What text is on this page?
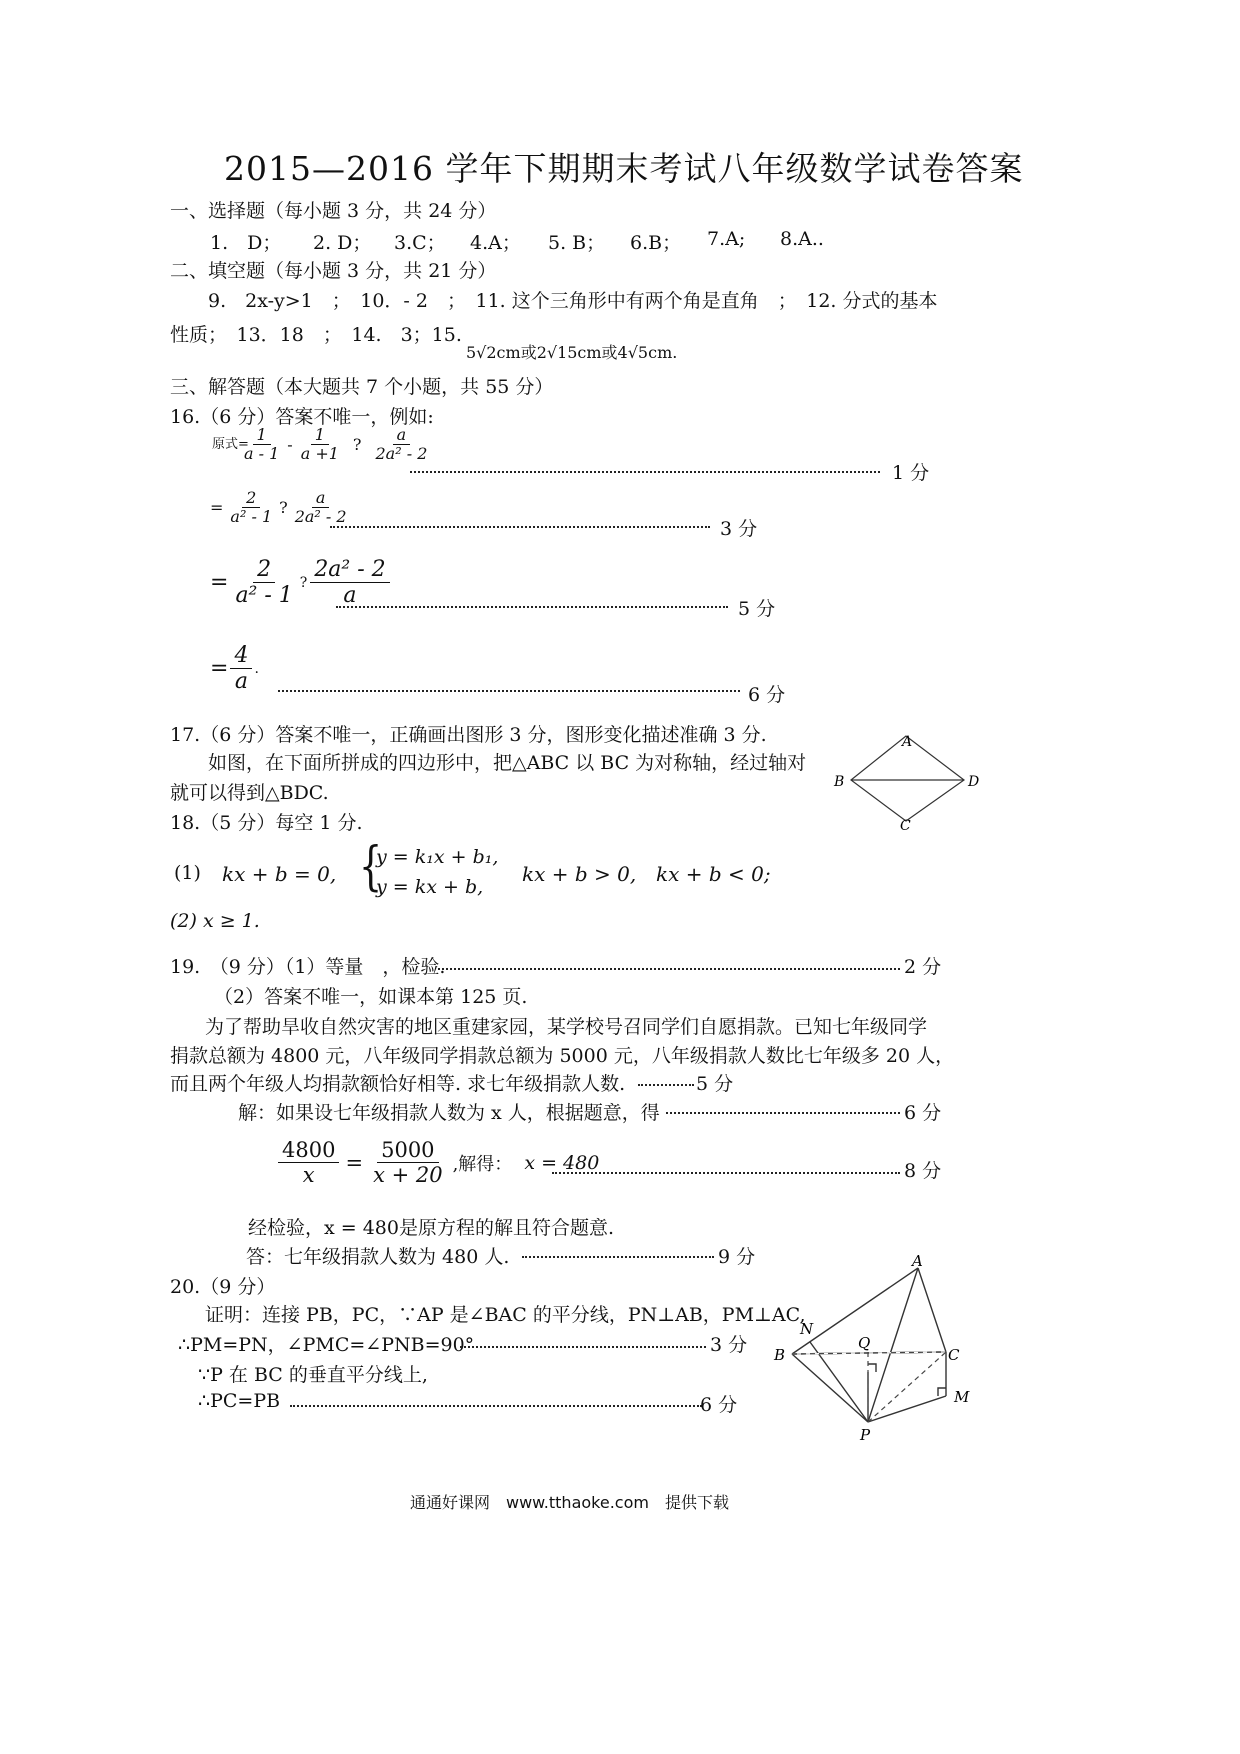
2015—2016 学年下期期末考试八年级数学试卷答案
一、选择题（每小题 3 分，共 24 分）
1.　D； 2. D； 3.C； 4.A； 5. B； 6.B； 7.A; 8.A..
二、填空题（每小题 3 分，共 21 分）
9.　2x-y>1　；　10．- 2　；　11. 这个三角形中有两个角是直角　；　12. 分式的基本
性质；　13．18　；　14.　3；15.
5√2cm或2√15cm或4√5cm.
三、解答题（本大题共 7 个小题，共 55 分）
16.（6 分）答案不唯一，例如:
原式=
$\frac{1}{a - 1} - \frac{1}{a +1}$ ? $\frac{a}{\text{2a² - 2}}$
1 分
= $\frac{2}{\text{a² - 1}}$ ? $\frac{a}{\text{2a² - 2}}$
3 分
= $\frac{2}{\text{a² - 1}}$ ? $\frac{\text{2a² - 2}}{a}$
5 分
= $\frac{4}{a}$ .
6 分
17.（6 分）答案不唯一，正确画出图形 3 分，图形变化描述准确 3 分.
如图，在下面所拼成的四边形中，把△ABC 以 BC 为对称轴，经过轴对
就可以得到△BDC.
A
B	D
C
18.（5 分）每空 1 分.
(1) kx + b = 0, {
y = k₁x + b₁,
y = kx + b,
kx + b > 0, kx + b < 0;
(2) x ≥ 1.
19.　（9 分）（1）等量　，检验.	2 分
（2）答案不唯一，如课本第 125 页.
为了帮助旱收自然灾害的地区重建家园，某学校号召同学们自愿捐款。已知七年级同学
捐款总额为 4800 元，八年级同学捐款总额为 5000 元，八年级捐款人数比七年级多 20 人，
而且两个年级人均捐款额恰好相等. 求七年级捐款人数.	5 分
解：如果设七年级捐款人数为 x 人，根据题意，得	6 分
$\frac{4800}{x} = \frac{5000}{x + 20}$ ,解得： x = 480	8 分
经检验，x = 480是原方程的解且符合题意.
答：七年级捐款人数为 480 人.	9 分
20.（9 分）
证明：连接 PB，PC，∵AP 是∠BAC 的平分线，PN⊥AB，PM⊥AC,
∴PM=PN，∠PMC=∠PNB=90°	3 分
∵P 在 BC 的垂直平分线上,
∴PC=PB	6 分
A
N
Q
B	C
M
P
通通好课网　www.tthaoke.com　提供下载
